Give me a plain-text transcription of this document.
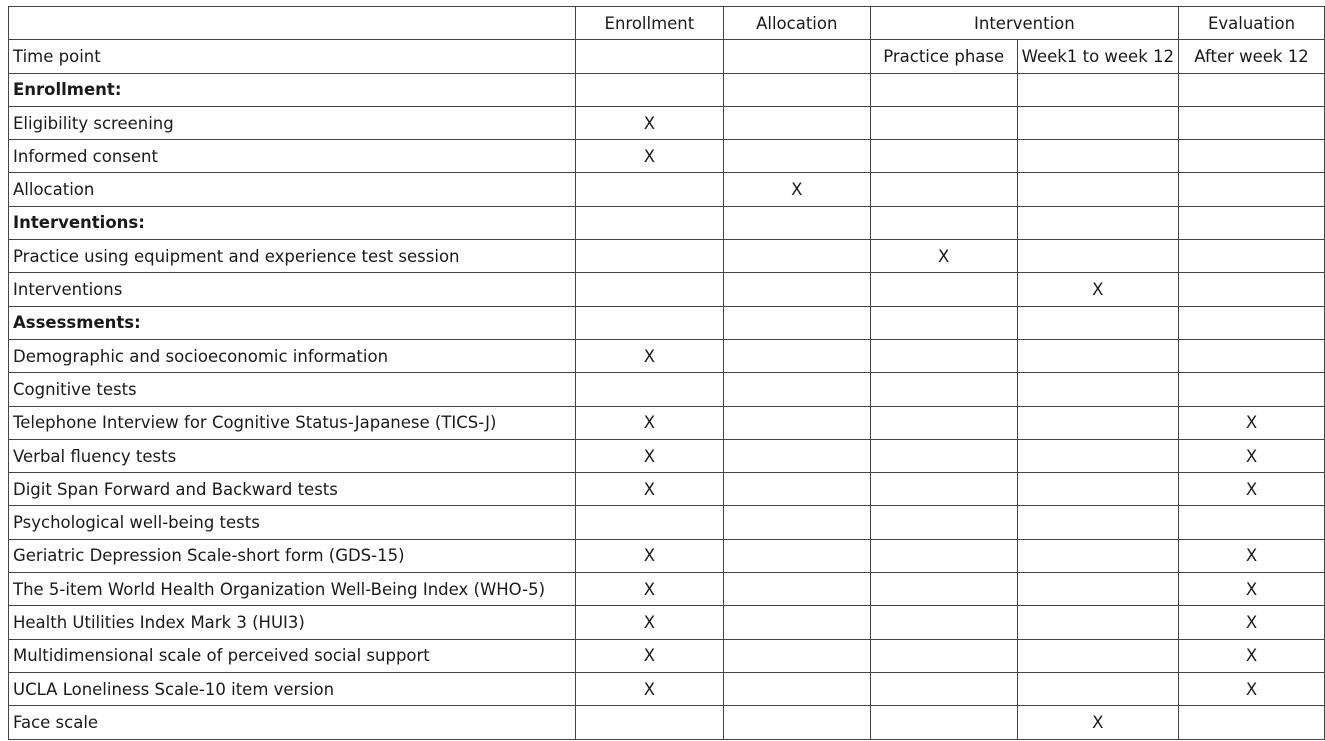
	Enrollment	Allocation	Intervention		Evaluation
Time point			Practice phase	Week1 to week 12	After week 12
Enrollment:					
Eligibility screening	X				
Informed consent	X				
Allocation		X			
Interventions:					
Practice using equipment and experience test session			X		
Interventions				X	
Assessments:					
Demographic and socioeconomic information	X				
Cognitive tests					
Telephone Interview for Cognitive Status-Japanese (TICS-J)	X				X
Verbal fluency tests	X				X
Digit Span Forward and Backward tests	X				X
Psychological well-being tests					
Geriatric Depression Scale-short form (GDS-15)	X				X
The 5-item World Health Organization Well-Being Index (WHO-5)	X				X
Health Utilities Index Mark 3 (HUI3)	X				X
Multidimensional scale of perceived social support	X				X
UCLA Loneliness Scale-10 item version	X				X
Face scale				X	
